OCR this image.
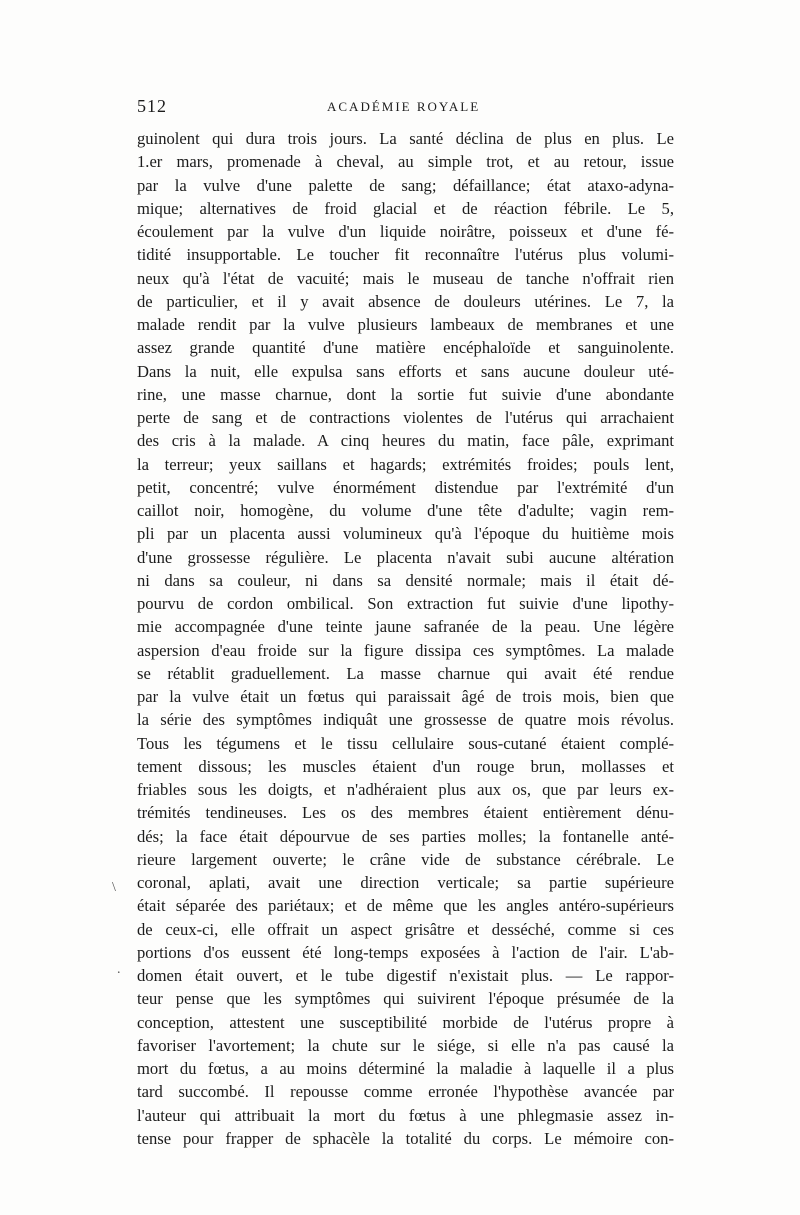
512	ACADÉMIE ROYALE
\
.
guinolent qui dura trois jours. La santé déclina de plus en plus. Le
1.er mars, promenade à cheval, au simple trot, et au retour, issue
par la vulve d'une palette de sang; défaillance; état ataxo-adyna-
mique; alternatives de froid glacial et de réaction fébrile. Le 5,
écoulement par la vulve d'un liquide noirâtre, poisseux et d'une fé-
tidité insupportable. Le toucher fit reconnaître l'utérus plus volumi-
neux qu'à l'état de vacuité; mais le museau de tanche n'offrait rien
de particulier, et il y avait absence de douleurs utérines. Le 7, la
malade rendit par la vulve plusieurs lambeaux de membranes et une
assez grande quantité d'une matière encéphaloïde et sanguinolente.
Dans la nuit, elle expulsa sans efforts et sans aucune douleur uté-
rine, une masse charnue, dont la sortie fut suivie d'une abondante
perte de sang et de contractions violentes de l'utérus qui arrachaient
des cris à la malade. A cinq heures du matin, face pâle, exprimant
la terreur; yeux saillans et hagards; extrémités froides; pouls lent,
petit, concentré; vulve énormément distendue par l'extrémité d'un
caillot noir, homogène, du volume d'une tête d'adulte; vagin rem-
pli par un placenta aussi volumineux qu'à l'époque du huitième mois
d'une grossesse régulière. Le placenta n'avait subi aucune altération
ni dans sa couleur, ni dans sa densité normale; mais il était dé-
pourvu de cordon ombilical. Son extraction fut suivie d'une lipothy-
mie accompagnée d'une teinte jaune safranée de la peau. Une légère
aspersion d'eau froide sur la figure dissipa ces symptômes. La malade
se rétablit graduellement. La masse charnue qui avait été rendue
par la vulve était un fœtus qui paraissait âgé de trois mois, bien que
la série des symptômes indiquât une grossesse de quatre mois révolus.
Tous les tégumens et le tissu cellulaire sous-cutané étaient complé-
tement dissous; les muscles étaient d'un rouge brun, mollasses et
friables sous les doigts, et n'adhéraient plus aux os, que par leurs ex-
trémités tendineuses. Les os des membres étaient entièrement dénu-
dés; la face était dépourvue de ses parties molles; la fontanelle anté-
rieure largement ouverte; le crâne vide de substance cérébrale. Le
coronal, aplati, avait une direction verticale; sa partie supérieure
était séparée des pariétaux; et de même que les angles antéro-supérieurs
de ceux-ci, elle offrait un aspect grisâtre et desséché, comme si ces
portions d'os eussent été long-temps exposées à l'action de l'air. L'ab-
domen était ouvert, et le tube digestif n'existait plus. — Le rappor-
teur pense que les symptômes qui suivirent l'époque présumée de la
conception, attestent une susceptibilité morbide de l'utérus propre à
favoriser l'avortement; la chute sur le siége, si elle n'a pas causé la
mort du fœtus, a au moins déterminé la maladie à laquelle il a plus
tard succombé. Il repousse comme erronée l'hypothèse avancée par
l'auteur qui attribuait la mort du fœtus à une phlegmasie assez in-
tense pour frapper de sphacèle la totalité du corps. Le mémoire con-
